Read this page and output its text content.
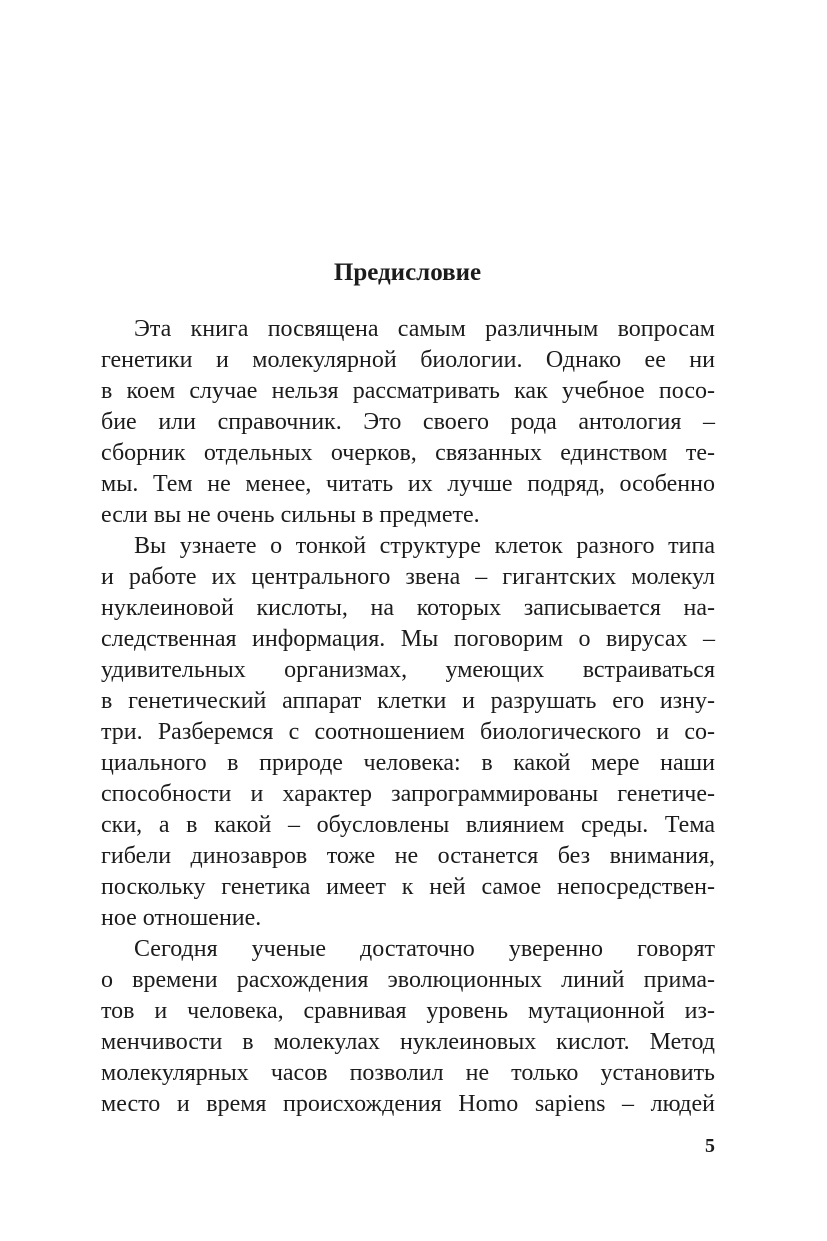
Предисловие
Эта книга посвящена самым различным вопросам
генетики и молекулярной биологии. Однако ее ни
в коем случае нельзя рассматривать как учебное посо-
бие или справочник. Это своего рода антология –
сборник отдельных очерков, связанных единством те-
мы. Тем не менее, читать их лучше подряд, особенно
если вы не очень сильны в предмете.
Вы узнаете о тонкой структуре клеток разного типа
и работе их центрального звена – гигантских молекул
нуклеиновой кислоты, на которых записывается на-
следственная информация. Мы поговорим о вирусах –
удивительных организмах, умеющих встраиваться
в генетический аппарат клетки и разрушать его изну-
три. Разберемся с соотношением биологического и со-
циального в природе человека: в какой мере наши
способности и характер запрограммированы генетиче-
ски, а в какой – обусловлены влиянием среды. Тема
гибели динозавров тоже не останется без внимания,
поскольку генетика имеет к ней самое непосредствен-
ное отношение.
Сегодня ученые достаточно уверенно говорят
о времени расхождения эволюционных линий прима-
тов и человека, сравнивая уровень мутационной из-
менчивости в молекулах нуклеиновых кислот. Метод
молекулярных часов позволил не только установить
место и время происхождения Homo sapiens – людей
5
